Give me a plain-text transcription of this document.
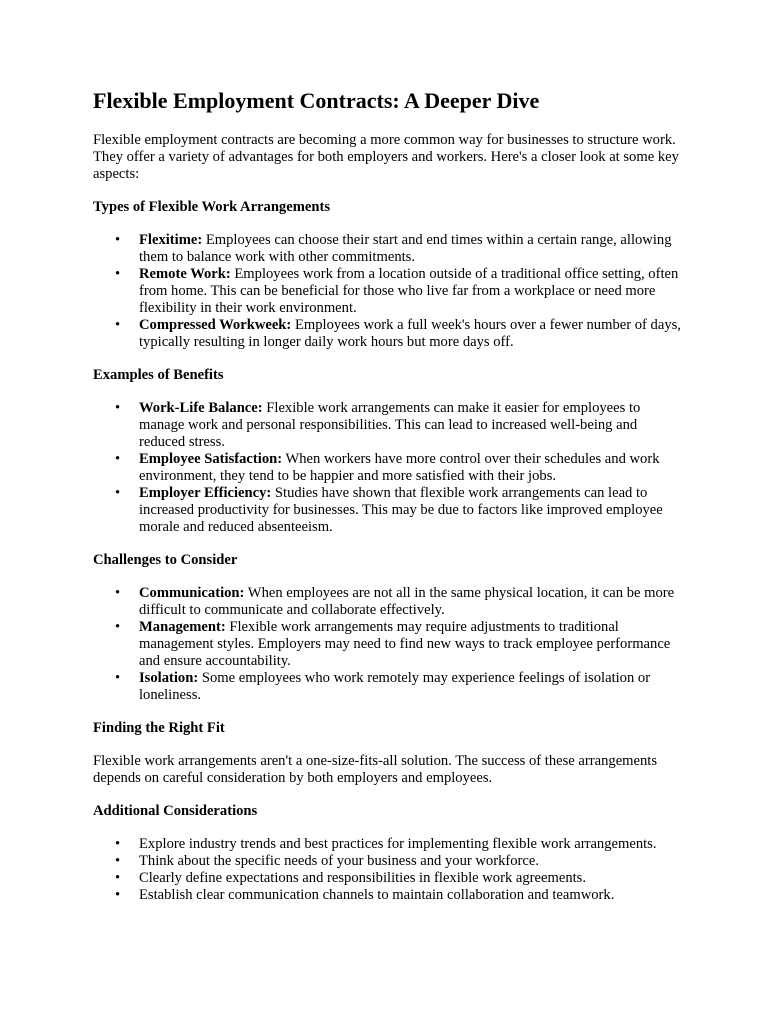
Flexible Employment Contracts: A Deeper Dive

Flexible employment contracts are becoming a more common way for businesses to structure work. They offer a variety of advantages for both employers and workers. Here's a closer look at some key aspects:

Types of Flexible Work Arrangements
• Flexitime: Employees can choose their start and end times within a certain range, allowing them to balance work with other commitments.
• Remote Work: Employees work from a location outside of a traditional office setting, often from home. This can be beneficial for those who live far from a workplace or need more flexibility in their work environment.
• Compressed Workweek: Employees work a full week's hours over a fewer number of days, typically resulting in longer daily work hours but more days off.
Examples of Benefits
• Work-Life Balance: Flexible work arrangements can make it easier for employees to manage work and personal responsibilities. This can lead to increased well-being and reduced stress.
• Employee Satisfaction: When workers have more control over their schedules and work environment, they tend to be happier and more satisfied with their jobs.
• Employer Efficiency: Studies have shown that flexible work arrangements can lead to increased productivity for businesses. This may be due to factors like improved employee morale and reduced absenteeism.
Challenges to Consider
• Communication: When employees are not all in the same physical location, it can be more difficult to communicate and collaborate effectively.
• Management: Flexible work arrangements may require adjustments to traditional management styles. Employers may need to find new ways to track employee performance and ensure accountability.
• Isolation: Some employees who work remotely may experience feelings of isolation or loneliness.
Finding the Right Fit

Flexible work arrangements aren't a one-size-fits-all solution. The success of these arrangements depends on careful consideration by both employers and employees.

Additional Considerations
• Explore industry trends and best practices for implementing flexible work arrangements.
• Think about the specific needs of your business and your workforce.
• Clearly define expectations and responsibilities in flexible work agreements.
• Establish clear communication channels to maintain collaboration and teamwork.
